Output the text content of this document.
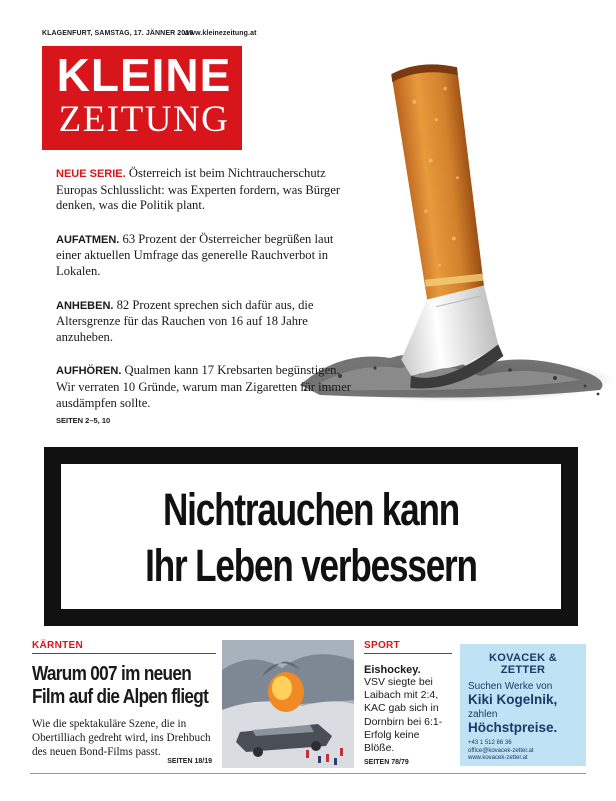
KLAGENFURT, SAMSTAG, 17. JÄNNER 2015
www.kleinezeitung.at
KLEINE
ZEITUNG
NEUE SERIE. Österreich ist beim Nichtraucherschutz Europas Schlusslicht: was Experten fordern, was Bürger denken, was die Politik plant.
AUFATMEN. 63 Prozent der Österreicher begrüßen laut einer aktuellen Umfrage das generelle Rauchverbot in Lokalen.
ANHEBEN. 82 Prozent sprechen sich dafür aus, die Altersgrenze für das Rauchen von 16 auf 18 Jahre anzuheben.
AUFHÖREN. Qualmen kann 17 Krebsarten begünstigen. Wir verraten 10 Gründe, warum man Zigaretten für immer ausdämpfen sollte.
SEITEN 2–5, 10
Nichtrauchen kann
Ihr Leben verbessern
KÄRNTEN
Warum 007 im neuen Film auf die Alpen fliegt
Wie die spektakuläre Szene, die in Obertilliach gedreht wird, ins Drehbuch des neuen Bond-Films passt.
SEITEN 18/19
SPORT
Eishockey.
VSV siegte bei Laibach mit 2:4, KAC gab sich in Dornbirn bei 6:1-Erfolg keine Blöße.
SEITEN 78/79
KOVACEK & ZETTER
Suchen Werke von
Kiki Kogelnik,
zahlen
Höchstpreise.
+43 1 512 86 36
office@kovacek-zetter.at
www.kovacek-zetter.at
